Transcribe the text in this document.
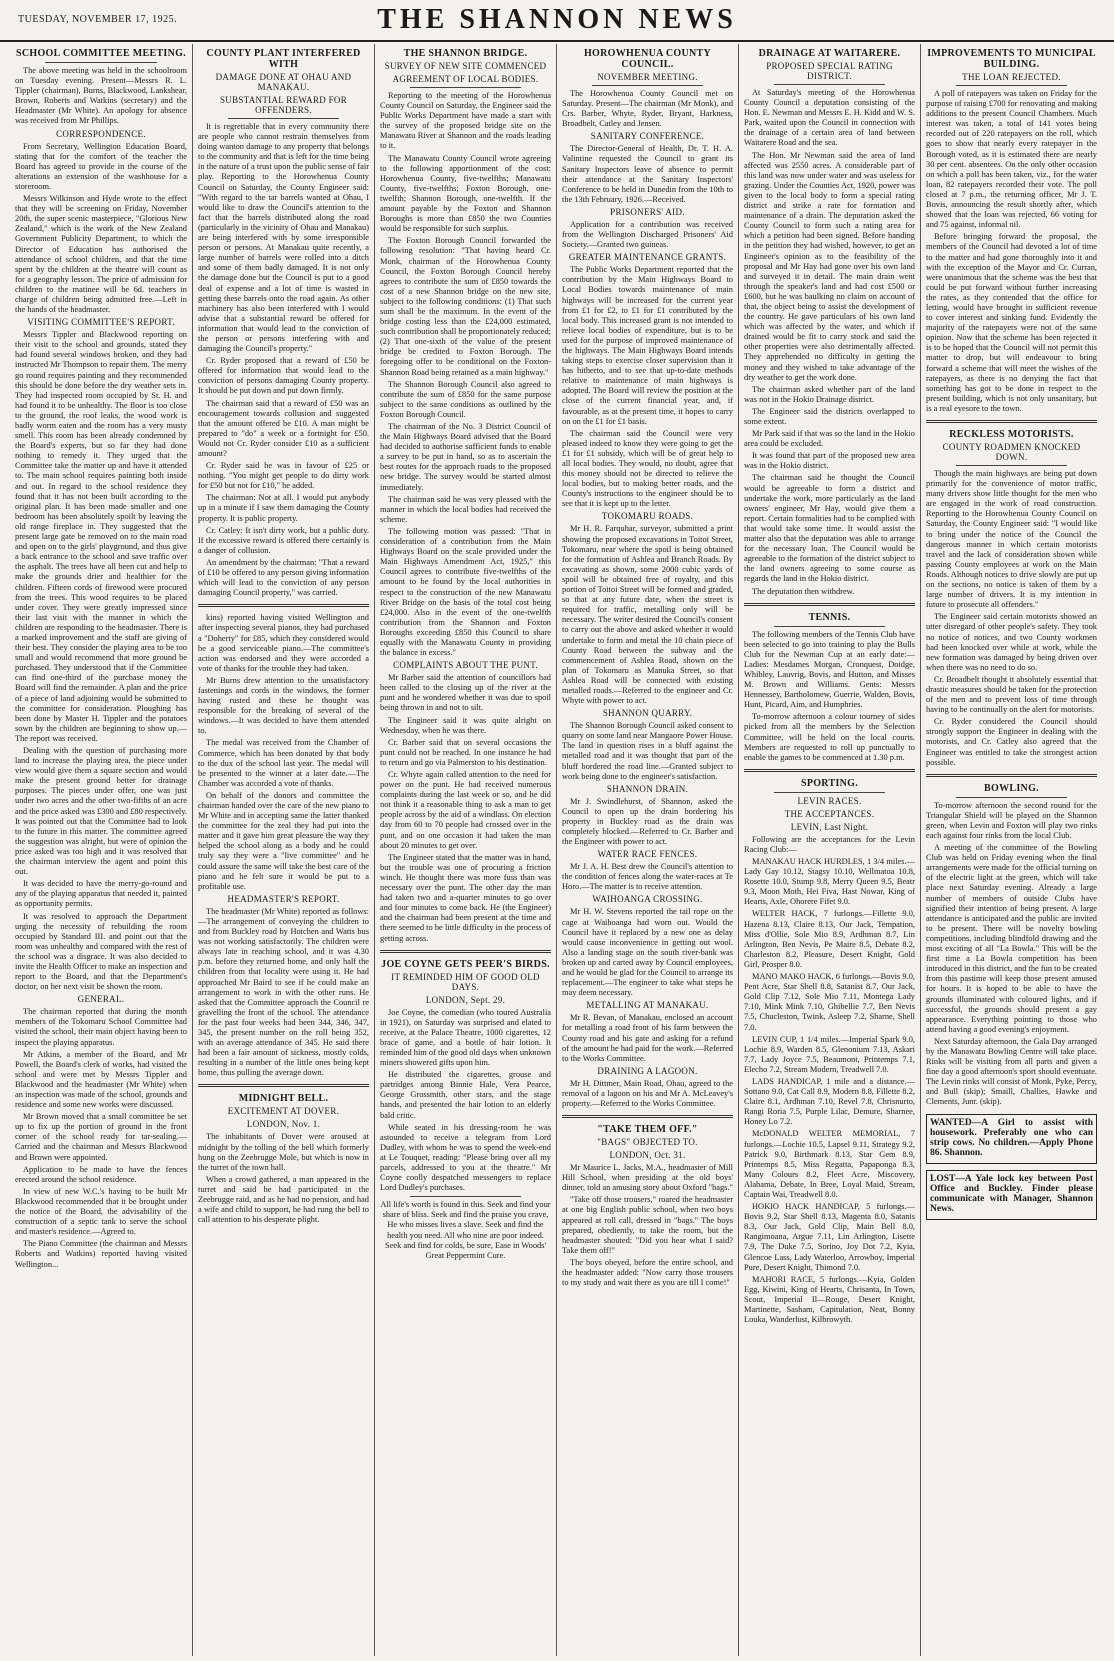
TUESDAY, NOVEMBER 17, 1925.	THE SHANNON NEWS
SCHOOL COMMITTEE MEETING.

The above meeting was held in the schoolroom on Tuesday evening. Present—Messrs R. L. Tippler (chairman), Burns, Blackwood, Lankshear, Brown, Roberts and Watkins (secretary) and the Headmaster (Mr White). An apology for absence was received from Mr Phillips.

CORRESPONDENCE.

From Secretary, Wellington Education Board, stating that for the comfort of the teacher the Board has agreed to provide in the course of the alterations an extension of the washhouse for a storeroom.

Messrs Wilkinson and Hyde wrote to the effect that they will be screening on Friday, November 20th, the super scenic masterpiece, "Glorious New Zealand," which is the work of the New Zealand Government Publicity Department, to which the Director of Education has authorised the attendance of school children, and that the time spent by the children at the theatre will count as for a geography lesson. The price of admission for children to the matinee will be 6d. teachers in charge of children being admitted free.—Left in the hands of the headmaster.

VISITING COMMITTEE'S REPORT.

Messrs Tippler and Blackwood reporting on their visit to the school and grounds, stated they had found several windows broken, and they had instructed Mr Thompson to repair them. The merry go round requires painting and they recommended this should be done before the dry weather sets in. They had inspected room occupied by St. H. and had found it to be unhealthy. The floor is too close to the ground, the roof leaks, the wood work is badly worm eaten and the room has a very musty smell. This room has been already condemned by the Board's experts, but so far they had done nothing to remedy it. They urged that the Committee take the matter up and have it attended to. The main school requires painting both inside and out. In regard to the school residence they found that it has not been built according to the original plan. It has been made smaller and one bedroom has been absolutely spoilt by leaving the old range fireplace in. They suggested that the present large gate be removed on to the main road and open on to the girls' playground, and thus give a back entrance to the school and save traffic over the asphalt. The trees have all been cut and help to make the grounds drier and healthier for the children. Fifteen cords of firewood were procured from the trees. This wood requires to be placed under cover. They were greatly impressed since their last visit with the manner in which the children are responding to the headmaster. There is a marked improvement and the staff are giving of their best. They consider the playing area to be too small and would recommend that more ground be purchased. They understood that if the Committee can find one-third of the purchase money the Board will find the remainder. A plan and the price of a piece of land adjoining would be submitted to the committee for consideration. Ploughing has been done by Master H. Tippler and the potatoes sown by the children are beginning to show up.—The report was received.

Dealing with the question of purchasing more land to increase the playing area, the piece under view would give them a square section and would make the present ground better for drainage purposes. The pieces under offer, one was just under two acres and the other two-fifths of an acre and the price asked was £300 and £80 respectively. It was pointed out that the Committee had to look to the future in this matter. The committee agreed the suggestion was alright, but were of opinion the price asked was too high and it was resolved that the chairman interview the agent and point this out.

It was decided to have the merry-go-round and any of the playing apparatus that needed it, painted as opportunity permits.

It was resolved to approach the Department urging the necessity of rebuilding the room occupied by Standard III. and point out that the room was unhealthy and compared with the rest of the school was a disgrace. It was also decided to invite the Health Officer to make an inspection and report to the Board, and that the Department's doctor, on her next visit be shown the room.

GENERAL.

The chairman reported that during the month members of the Tokomaru School Committee had visited the school, their main object having been to inspect the playing apparatus.

Mr Atkins, a member of the Board, and Mr Powell, the Board's clerk of works, had visited the school and were met by Messrs Tippler and Blackwood and the headmaster (Mr White) when an inspection was made of the school, grounds and residence and some new works were discussed.

Mr Brown moved that a small committee be set up to fix up the portion of ground in the front corner of the school ready for tar-sealing.—Carried and the chairman and Messrs Blackwood and Brown were appointed.

Application to be made to have the fences erected around the school residence.

In view of new W.C.'s having to be built Mr Blackwood recommended that it be brought under the notice of the Board, the advisability of the construction of a septic tank to serve the school and master's residence.—Agreed to.

The Piano Committee (the chairman and Messrs Roberts and Watkins) reported having visited Wellington...

COUNTY PLANT INTERFERED WITH
DAMAGE DONE AT OHAU AND MANAKAU.
SUBSTANTIAL REWARD FOR OFFENDERS.

It is regrettable that in every community there are people who cannot restrain themselves from doing wanton damage to any property that belongs to the community and that is left for the time being in the nature of a trust upon the public sense of fair play. Reporting to the Horowhenua County Council on Saturday, the County Engineer said: "With regard to the tar barrels wanted at Ohau, I would like to draw the Council's attention to the fact that the barrels distributed along the road (particularly in the vicinity of Ohau and Manakau) are being interfered with by some irresponsible person or persons. At Manakau quite recently, a large number of barrels were rolled into a ditch and some of them badly damaged. It is not only the damage done but the Council is put to a good deal of expense and a lot of time is wasted in getting these barrels onto the road again. As other machinery has also been interfered with I would advise that a substantial reward be offered for information that would lead to the conviction of the person or persons interfering with and damaging the Council's property."

Cr. Ryder proposed that a reward of £50 be offered for information that would lead to the conviction of persons damaging County property. It should be put down and put down firmly.

The chairman said that a reward of £50 was an encouragement towards collusion and suggested that the amount offered be £10. A man might be prepared to "do" a week or a fortnight for £50. Would not Cr. Ryder consider £10 as a sufficient amount?

Cr. Ryder said he was in favour of £25 or nothing. "You might get people to do dirty work for £50 but not for £10," he added.

The chairman: Not at all. I would put anybody up in a minute if I saw them damaging the County property. It is public property.

Cr. Catley: It isn't dirty work, but a public duty. If the excessive reward is offered there certainly is a danger of collusion.

An amendment by the chairman: "That a reward of £10 be offered to any person giving information which will lead to the conviction of any person damaging Council property," was carried.

kins) reported having visited Wellington and after inspecting several pianos, they had purchased a "Doherty" for £85, which they considered would be a good serviceable piano.—The committee's action was endorsed and they were accorded a vote of thanks for the trouble they had taken.

Mr Burns drew attention to the unsatisfactory fastenings and cords in the windows, the former having rusted and these he thought was responsible for the breaking of several of the windows.—It was decided to have them attended to.

The medal was received from the Chamber of Commerce, which has been donated by that body to the dux of the school last year. The medal will be presented to the winner at a later date.—The Chamber was accorded a vote of thanks.

On behalf of the donors and committee the chairman handed over the care of the new piano to Mr White and in accepting same the latter thanked the committee for the zeal they had put into the matter and it gave him great pleasure the way they helped the school along as a body and he could truly say they were a "live committee" and he could assure the same will take the best care of the piano and he felt sure it would be put to a profitable use.

HEADMASTER'S REPORT.

The headmaster (Mr White) reported as follows:—The arrangement of conveying the children to and from Buckley road by Hotchen and Watts bus was not working satisfactorily. The children were always late in reaching school, and it was 4.30 p.m. before they returned home, and only half the children from that locality were using it. He had approached Mr Baird to see if he could make an arrangement to work in with the other runs. He asked that the Committee approach the Council re gravelling the front of the school. The attendance for the past four weeks had been 344, 346, 347, 345, the present number on the roll being 352, with an average attendance of 345. He said there had been a fair amount of sickness, mostly colds, resulting in a number of the little ones being kept home, thus pulling the average down.

MIDNIGHT BELL.
EXCITEMENT AT DOVER.
LONDON, Nov. 1.

The inhabitants of Dover were aroused at midnight by the tolling of the bell which formerly hung on the Zeebrugge Mole, but which is now in the turret of the town hall.

When a crowd gathered, a man appeared in the turret and said he had participated in the Zeebrugge raid, and as he had no pension, and had a wife and child to support, he had rung the bell to call attention to his desperate plight.

THE SHANNON BRIDGE.
SURVEY OF NEW SITE COMMENCED
AGREEMENT OF LOCAL BODIES.

Reporting to the meeting of the Horowhenua County Council on Saturday, the Engineer said the Public Works Department have made a start with the survey of the proposed bridge site on the Manawatu River at Shannon and the roads leading to it.

The Manawatu County Council wrote agreeing to the following apportionment of the cost: Horowhenua County, five-twelfths; Manawatu County, five-twelfths; Foxton Borough, one-twelfth; Shannon Borough, one-twelfth. If the amount payable by the Foxton and Shannon Boroughs is more than £850 the two Counties would be responsible for such surplus.

The Foxton Borough Council forwarded the following resolution: "That having heard Cr. Monk, chairman of the Horowhenua County Council, the Foxton Borough Council hereby agrees to contribute the sum of £850 towards the cost of a new Shannon bridge on the new site, subject to the following conditions: (1) That such sum shall be the maximum. In the event of the bridge costing less than the £24,000 estimated, such contribution shall be proportionately reduced; (2) That one-sixth of the value of the present bridge be credited to Foxton Borough. The foregoing offer to be conditional on the Foxton-Shannon Road being retained as a main highway."

The Shannon Borough Council also agreed to contribute the sum of £850 for the same purpose subject to the same conditions as outlined by the Foxton Borough Council.

The chairman of the No. 3 District Council of the Main Highways Board advised that the Board had decided to authorise sufficient funds to enable a survey to be put in hand, so as to ascertain the best routes for the approach roads to the proposed new bridge. The survey would be started almost immediately.

The chairman said he was very pleased with the manner in which the local bodies had received the scheme.

The following motion was passed: "That in consideration of a contribution from the Main Highways Board on the scale provided under the Main Highways Amendment Act, 1925," this Council agrees to contribute five-twelfths of the amount to be found by the local authorities in respect to the construction of the new Manawatu River Bridge on the basis of the total cost being £24,000. Also in the event of the one-twelfth contribution from the Shannon and Foxton Boroughs exceeding £850 this Council to share equally with the Manawatu County in providing the balance in excess."

COMPLAINTS ABOUT THE PUNT.

Mr Barber said the attention of councillors had been called to the closing up of the river at the punt and he wondered whether it was due to spoil being thrown in and not to silt.

The Engineer said it was quite alright on Wednesday, when he was there.

Cr. Barber said that on several occasions the punt could not be reached. In one instance he had to return and go via Palmerston to his destination.

Cr. Whyte again called attention to the need for power on the punt. He had received numerous complaints during the last week or so, and he did not think it a reasonable thing to ask a man to get people across by the aid of a windlass. On election day from 60 to 70 people had crossed over in the punt, and on one occasion it had taken the man about 20 minutes to get over.

The Engineer stated that the matter was in hand, but the trouble was one of procuring a friction winch. He thought there was more fuss than was necessary over the punt. The other day the man had taken two and a-quarter minutes to go over and four minutes to come back. He (the Engineer) and the chairman had been present at the time and there seemed to be little difficulty in the process of getting across.

JOE COYNE GETS PEER'S BIRDS.
IT REMINDED HIM OF GOOD OLD DAYS.
LONDON, Sept. 29.

Joe Coyne, the comedian (who toured Australia in 1921), on Saturday was surprised and elated to receive, at the Palace Theatre, 1000 cigarettes, 12 brace of game, and a bottle of hair lotion. It reminded him of the good old days when unknown miners showered gifts upon him.

He distributed the cigarettes, grouse and partridges among Binnie Hale, Vera Pearce, George Grossmith, other stars, and the stage hands, and presented the hair lotion to an elderly bald critic.

While seated in his dressing-room he was astounded to receive a telegram from Lord Dudley, with whom he was to spend the week-end at Le Touquet, reading: "Please bring over all my parcels, addressed to you at the theatre." Mr Coyne coolly despatched messengers to replace Lord Dudley's purchases.

All life's worth is found in this. Seek and find your share of bliss. Seek and find the praise you crave, He who misses lives a slave. Seek and find the health you need. All who nine are poor indeed. Seek and find for colds, be sure, Ease in Woods' Great Peppermint Cure.

HOROWHENUA COUNTY COUNCIL.
NOVEMBER MEETING.

The Horowhenua County Council met on Saturday. Present—The chairman (Mr Monk), and Crs. Barber, Whyte, Ryder, Bryant, Harkness, Broadbelt, Catley and Jensen.

SANITARY CONFERENCE.

The Director-General of Health, Dr. T. H. A. Valintine requested the Council to grant its Sanitary Inspectors leave of absence to permit their attendance at the Sanitary Inspectors' Conference to be held in Dunedin from the 10th to the 13th February, 1926.—Received.

PRISONERS' AID.

Application for a contribution was received from the Wellington Discharged Prisoners' Aid Society.—Granted two guineas.

GREATER MAINTENANCE GRANTS.

The Public Works Department reported that the contribution by the Main Highways Board to Local Bodies towards maintenance of main highways will be increased for the current year from £1 for £2, to £1 for £1 contributed by the local body. This increased grant is not intended to relieve local bodies of expenditure, but is to be used for the purpose of improved maintenance of the highways. The Main Highways Board intends taking steps to exercise closer supervision than it has hitherto, and to see that up-to-date methods relative to maintenance of main highways is adopted. The Board will review the position at the close of the current financial year, and, if favourable, as at the present time, it hopes to carry on on the £1 for £1 basis.

The chairman said the Council were very pleased indeed to know they were going to get the £1 for £1 subsidy, which will be of great help to all local bodies. They would, no doubt, agree that this money should not be directed to relieve the local bodies, but to making better roads, and the County's instructions to the engineer should be to see that it is kept up to the letter.

TOKOMARU ROADS.

Mr H. R. Farquhar, surveyor, submitted a print showing the proposed excavations in Toitoi Street, Tokomaru, near where the spoil is being obtained for the formation of Ashlea and Branch Roads. By excavating as shown, some 2000 cubic yards of spoil will be obtained free of royalty, and this portion of Toitoi Street will be formed and graded, so that at any future date, when the street is required for traffic, metalling only will be necessary. The writer desired the Council's consent to carry out the above and asked whether it would undertake to form and metal the 10 chain piece of County Road between the subway and the commencement of Ashlea Road, shown on the plan of Tokomaru as Manuka Street, so that Ashlea Road will be connected with existing metalled roads.—Referred to the engineer and Cr. Whyte with power to act.

SHANNON QUARRY.

The Shannon Borough Council asked consent to quarry on some land near Mangaore Power House. The land in question rises in a bluff against the metalled road and it was thought that part of the bluff bordered the road line.—Granted subject to work being done to the engineer's satisfaction.

SHANNON DRAIN.

Mr J. Swindlehurst, of Shannon, asked the Council to open up the drain bordering his property in Buckley road as the drain was completely blocked.—Referred to Cr. Barber and the Engineer with power to act.

WATER RACE FENCES.

Mr J. A. H. Best drew the Council's attention to the condition of fences along the water-races at Te Horo.—The matter is to receive attention.

WAIHOANGA CROSSING.

Mr H. W. Stevens reported the tail rope on the cage at Waihoanga had worn out. Would the Council have it replaced by a new one as delay would cause inconvenience in getting out wool. Also a landing stage on the south river-bank was broken up and carted away by Council employees, and he would be glad for the Council to arrange its replacement.—The engineer to take what steps he may deem necessary.

METALLING AT MANAKAU.

Mr R. Bevan, of Manakau, enclosed an account for metalling a road front of his farm between the County road and his gate and asking for a refund of the amount he had paid for the work.—Referred to the Works Committee.

DRAINING A LAGOON.

Mr H. Dittmer, Main Road, Ohau, agreed to the removal of a lagoon on his and Mr A. McLeavey's property.—Referred to the Works Committee.

"TAKE THEM OFF."
"BAGS" OBJECTED TO.
LONDON, Oct. 31.

Mr Maurice L. Jacks, M.A., headmaster of Mill Hill School, when presiding at the old boys' dinner, told an amusing story about Oxford "bags."

"Take off those trousers," roared the headmaster at one big English public school, when two boys appeared at roll call, dressed in "bags." The boys prepared, obediently, to take the room, but the headmaster shouted: "Did you hear what I said? Take them off!"

The boys obeyed, before the entire school, and the headmaster added: "Now carry those trousers to my study and wait there as you are till I come!"

DRAINAGE AT WAITARERE.
PROPOSED SPECIAL RATING DISTRICT.

At Saturday's meeting of the Horowhenua County Council a deputation consisting of the Hon. E. Newman and Messrs E. H. Kidd and W. S. Park, waited upon the Council in connection with the drainage of a certain area of land between Waitarere Road and the sea.

The Hon. Mr Newman said the area of land affected was 2550 acres. A considerable part of this land was now under water and was useless for grazing. Under the Counties Act, 1920, power was given to the local body to form a special rating district and strike a rate for formation and maintenance of a drain. The deputation asked the County Council to form such a rating area for which a petition had been signed. Before handing in the petition they had wished, however, to get an Engineer's opinion as to the feasibility of the proposal and Mr Hay had gone over his own land and surveyed it in detail. The main drain went through the speaker's land and had cost £500 or £600, but he was baulking no claim on account of that, the object being to assist the development of the country. He gave particulars of his own land which was affected by the water, and which if drained would be fit to carry stock and said the other properties were also detrimentally affected. They apprehended no difficulty in getting the money and they wished to take advantage of the dry weather to get the work done.

The chairman asked whether part of the land was not in the Hokio Drainage district.

The Engineer said the districts overlapped to some extent.

Mr Park said if that was so the land in the Hokio area could be excluded.

It was found that part of the proposed new area was in the Hokio district.

The chairman said he thought the Council would be agreeable to form a district and undertake the work, more particularly as the land owners' engineer, Mr Hay, would give them a report. Certain formalities had to be complied with that would take some time. It would assist the matter also that the deputation was able to arrange for the necessary loan. The Council would be agreeable to the formation of the district subject to the land owners agreeing to some course as regards the land in the Hokio district.

The deputation then withdrew.

TENNIS.

The following members of the Tennis Club have been selected to go into training to play the Bulls Club for the Newman Cup at an early date:—Ladies: Mesdames Morgan, Cronquest, Doidge, Whibley, Lauvrig, Bovis, and Hutton, and Misses M. Brown and Williams. Gents: Messrs Hennessey, Bartholomew, Guerrie, Walden, Bovis, Hunt, Picard, Aim, and Humphries.

To-morrow afternoon a colour tourney of sides picked from all the members by the Selection Committee, will be held on the local courts. Members are requested to roll up punctually to enable the games to be commenced at 1.30 p.m.

SPORTING.
LEVIN RACES.
THE ACCEPTANCES.
LEVIN, Last Night.

Following are the acceptances for the Levin Racing Club:—

MANAKAU HACK HURDLES, 1 3/4 miles.—Lady Gay 10.12, Stagsy 10.10, Wellmatoa 10.8, Rosette 10.0, Stump 9.8, Merry Queen 9.5, Beatr 9.3, Moon Moth, Hei Fiva, Hast Nowar, King of Hearts, Axle, Ohorere Fifet 9.0.

WELTER HACK, 7 furlongs.—Fillette 9.0, Hazena 8.13, Claire 8.13, Our Jack, Tempation, Miss d'Ollie, Sole Mio 8.9, Ardhman 8.7, Lin Arlington, Ben Nevis, Pe Maire 8.5, Debate 8.2, Charleston 8.2, Pleasure, Desert Knight, Gold Girl, Prosper 8.0.

MANO MAKO HACK, 6 furlongs.—Bovis 9.0, Pent Acre, Star Shell 8.8, Satanist 8.7, Our Jack, Gold Clip 7.12, Sole Mio 7.11, Montega Lady 7.10, Mink Mink 7.10, Ghibellie 7.7, Ben Nevis 7.5, Chucleston, Twink, Asleep 7.2, Sharne, Shell 7.0.

LEVIN CUP, 1 1/4 miles.—Imperial Spark 9.0, Lochie 8.9, Warden 8.5, Glenonium 7.13, Askari 7.7, Lady Joyce 7.5, Beaumont, Printemps 7.1, Elecho 7.2, Stream Modern, Treadwell 7.0.

LADS HANDICAP, 1 mile and a distance.—Sottano 9.0, Cat Call 8.9, Modern 8.8, Fillette 8.2, Claire 8.1, Ardhman 7.10, Revel 7.8, Chrisnurto, Rangi Roria 7.5, Purple Lilac, Demure, Sharnee, Honey Lo 7.2.

McDONALD WELTER MEMORIAL, 7 furlongs.—Lochie 10.5, Lapsel 9.11, Strategy 9.2, Patrick 9.0, Birthmark 8.13, Star Gem 8.9, Printemps 8.5, Miss Regatta, Papaponga 8.3, Many Colours 8.2, Fleet Acre, Miscovery, Alabama, Debate, In Bree, Loyal Maid, Stream, Captain Wai, Treadwell 8.0.

HOKIO HACK HANDICAP, 5 furlongs.—Bovis 9.2, Star Shell 8.13, Magenta 8.0, Satanis 8.3, Our Jack, Gold Clip, Main Bell 8.0, Rangimoana, Argue 7.11, Lin Arlington, Lisette 7.9, The Duke 7.5, Sorino, Joy Dot 7.2, Kyia, Glencoe Lass, Lady Waterloo, Arrowboy, Imperial Pure, Desert Knight, Thimond 7.0.

MAHORI RACE, 5 furlongs.—Kyia, Golden Egg, Kiwini, King of Hearts, Chrisanta, In Town, Scout, Imperial Il—Rouge, Desert Knight, Martinette, Sasham, Capitulation, Neat, Bonny Louka, Wanderlust, Kilbrowyth.

IMPROVEMENTS TO MUNICIPAL BUILDING.
THE LOAN REJECTED.

A poll of ratepayers was taken on Friday for the purpose of raising £700 for renovating and making additions to the present Council Chambers. Much interest was taken, a total of 141 votes being recorded out of 220 ratepayers on the roll, which goes to show that nearly every ratepayer in the Borough voted, as it is estimated there are nearly 30 per cent. absentees. On the only other occasion on which a poll has been taken, viz., for the water loan, 82 ratepayers recorded their vote. The poll closed at 7 p.m., the returning officer, Mr J. T. Bovis, announcing the result shortly after, which showed that the loan was rejected, 66 voting for and 75 against, informal nil.

Before bringing forward the proposal, the members of the Council had devoted a lot of time to the matter and had gone thoroughly into it and with the exception of the Mayor and Cr. Curran, were unanimous that the scheme was the best that could be put forward without further increasing the rates, as they contended that the office for letting, would have brought in sufficient revenue to cover interest and sinking fund. Evidently the majority of the ratepayers were not of the same opinion. Now that the scheme has been rejected it is to be hoped that the Council will not permit this matter to drop, but will endeavour to bring forward a scheme that will meet the wishes of the ratepayers, as there is no denying the fact that something has got to be done in respect to the present building, which is not only unsanitary, but is a real eyesore to the town.

RECKLESS MOTORISTS.
COUNTY ROADMEN KNOCKED DOWN.

Though the main highways are being put down primarily for the convenience of motor traffic, many drivers show little thought for the men who are engaged in the work of road construction. Reporting to the Horowhenua County Council on Saturday, the County Engineer said: "I would like to bring under the notice of the Council the dangerous manner in which certain motorists travel and the lack of consideration shown while passing County employees at work on the Main Roads. Although notices to drive slowly are put up on the sections, no notice is taken of them by a large number of drivers. It is my intention in future to prosecute all offenders."

The Engineer said certain motorists showed an utter disregard of other people's safety. They took no notice of notices, and two County workmen had been knocked over while at work, while the new formation was damaged by being driven over when there was no need to do so.

Cr. Broadbelt thought it absolutely essential that drastic measures should be taken for the protection of the men and to prevent loss of time through having to be continually on the alert for motorists.

Cr. Ryder considered the Council should strongly support the Engineer in dealing with the motorists, and Cr. Catley also agreed that the Engineer was entitled to take the strongest action possible.

BOWLING.

To-morrow afternoon the second round for the Triangular Shield will be played on the Shannon green, when Levin and Foxton will play two rinks each against four rinks from the local Club.

A meeting of the committee of the Bowling Club was held on Friday evening when the final arrangements were made for the official turning on of the electric light at the green, which will take place next Saturday evening. Already a large number of members of outside Clubs have signified their intention of being present. A large attendance is anticipated and the public are invited to be present. There will be novelty bowling competitions, including blindfold drawing and the most exciting of all "La Bowla." This will be the first time a La Bowla competition has been introduced in this district, and the fun to be created from this pastime will keep those present amused for hours. It is hoped to be able to have the grounds illuminated with coloured lights, and if successful, the grounds should present a gay appearance. Everything pointing to those who attend having a good evening's enjoyment.

Next Saturday afternoon, the Gala Day arranged by the Manawatu Bowling Centre will take place. Rinks will be visiting from all parts and given a fine day a good afternoon's sport should eventuate. The Levin rinks will consist of Monk, Pyke, Percy, and Bull (skip); Smaill, Challies, Hawke and Clements, Junr. (skip).

WANTED—A Girl to assist with housework. Preferably one who can strip cows. No children.—Apply Phone 86. Shannon.

LOST—A Yale lock key between Post Office and Buckley. Finder please communicate with Manager, Shannon News.
